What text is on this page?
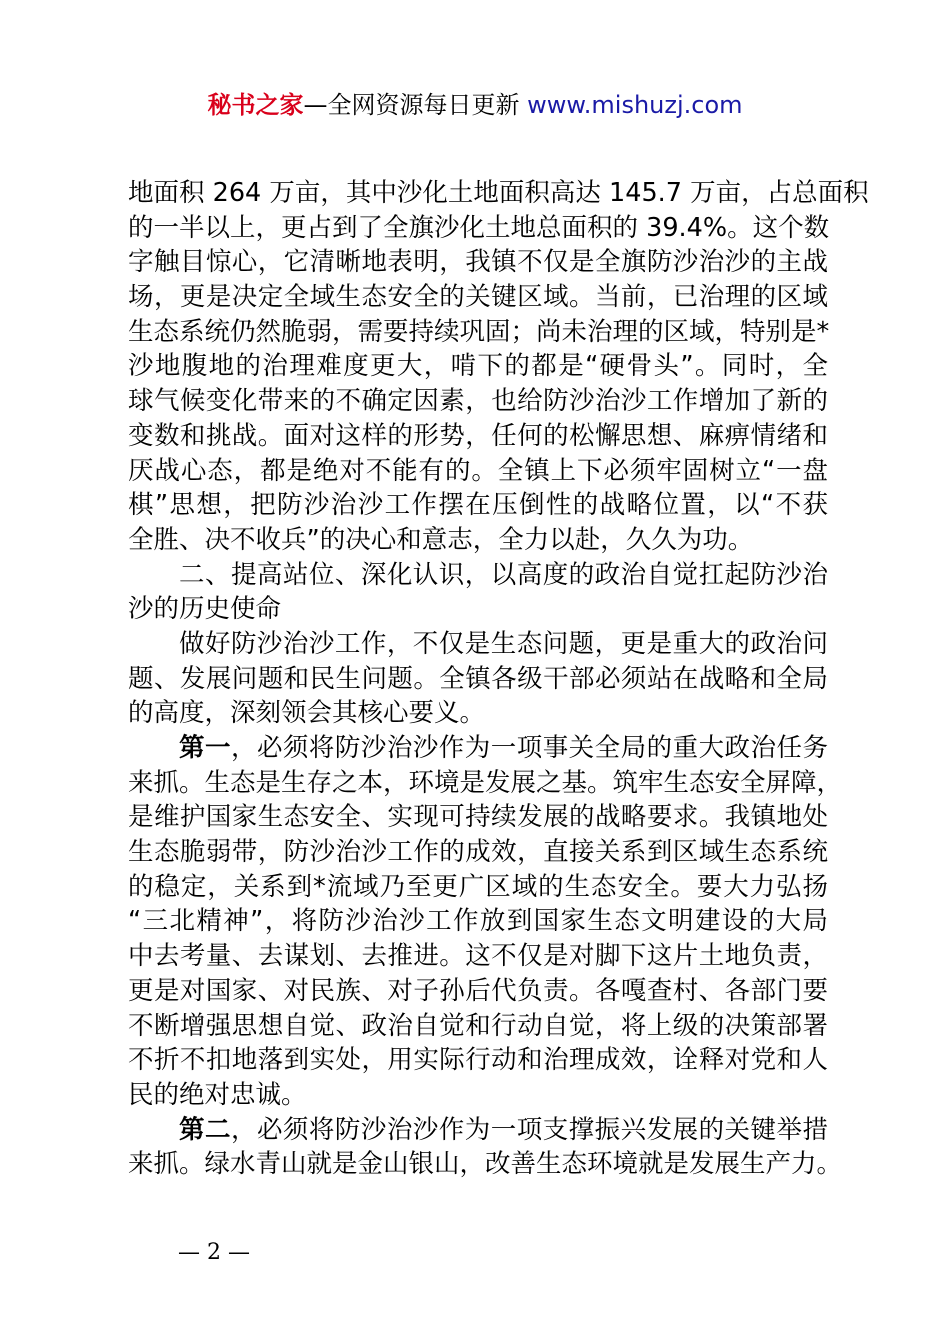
秘书之家—全网资源每日更新 www.mishuzj.com
地面积 264 万亩，其中沙化土地面积高达 145.7 万亩，占总面积
的一半以上，更占到了全旗沙化土地总面积的 39.4%。这个数
字触目惊心，它清晰地表明，我镇不仅是全旗防沙治沙的主战
场，更是决定全域生态安全的关键区域。当前，已治理的区域
生态系统仍然脆弱，需要持续巩固；尚未治理的区域，特别是*
沙地腹地的治理难度更大，啃下的都是“硬骨头”。同时，全
球气候变化带来的不确定因素，也给防沙治沙工作增加了新的
变数和挑战。面对这样的形势，任何的松懈思想、麻痹情绪和
厌战心态，都是绝对不能有的。全镇上下必须牢固树立“一盘
棋”思想，把防沙治沙工作摆在压倒性的战略位置，以“不获
全胜、决不收兵”的决心和意志，全力以赴，久久为功。
二、提高站位、深化认识，以高度的政治自觉扛起防沙治
沙的历史使命
做好防沙治沙工作，不仅是生态问题，更是重大的政治问
题、发展问题和民生问题。全镇各级干部必须站在战略和全局
的高度，深刻领会其核心要义。
第一，必须将防沙治沙作为一项事关全局的重大政治任务
来抓。生态是生存之本，环境是发展之基。筑牢生态安全屏障，
是维护国家生态安全、实现可持续发展的战略要求。我镇地处
生态脆弱带，防沙治沙工作的成效，直接关系到区域生态系统
的稳定，关系到*流域乃至更广区域的生态安全。要大力弘扬
“三北精神”，将防沙治沙工作放到国家生态文明建设的大局
中去考量、去谋划、去推进。这不仅是对脚下这片土地负责，
更是对国家、对民族、对子孙后代负责。各嘎查村、各部门要
不断增强思想自觉、政治自觉和行动自觉，将上级的决策部署
不折不扣地落到实处，用实际行动和治理成效，诠释对党和人
民的绝对忠诚。
第二，必须将防沙治沙作为一项支撑振兴发展的关键举措
来抓。绿水青山就是金山银山，改善生态环境就是发展生产力。
— 2 —
